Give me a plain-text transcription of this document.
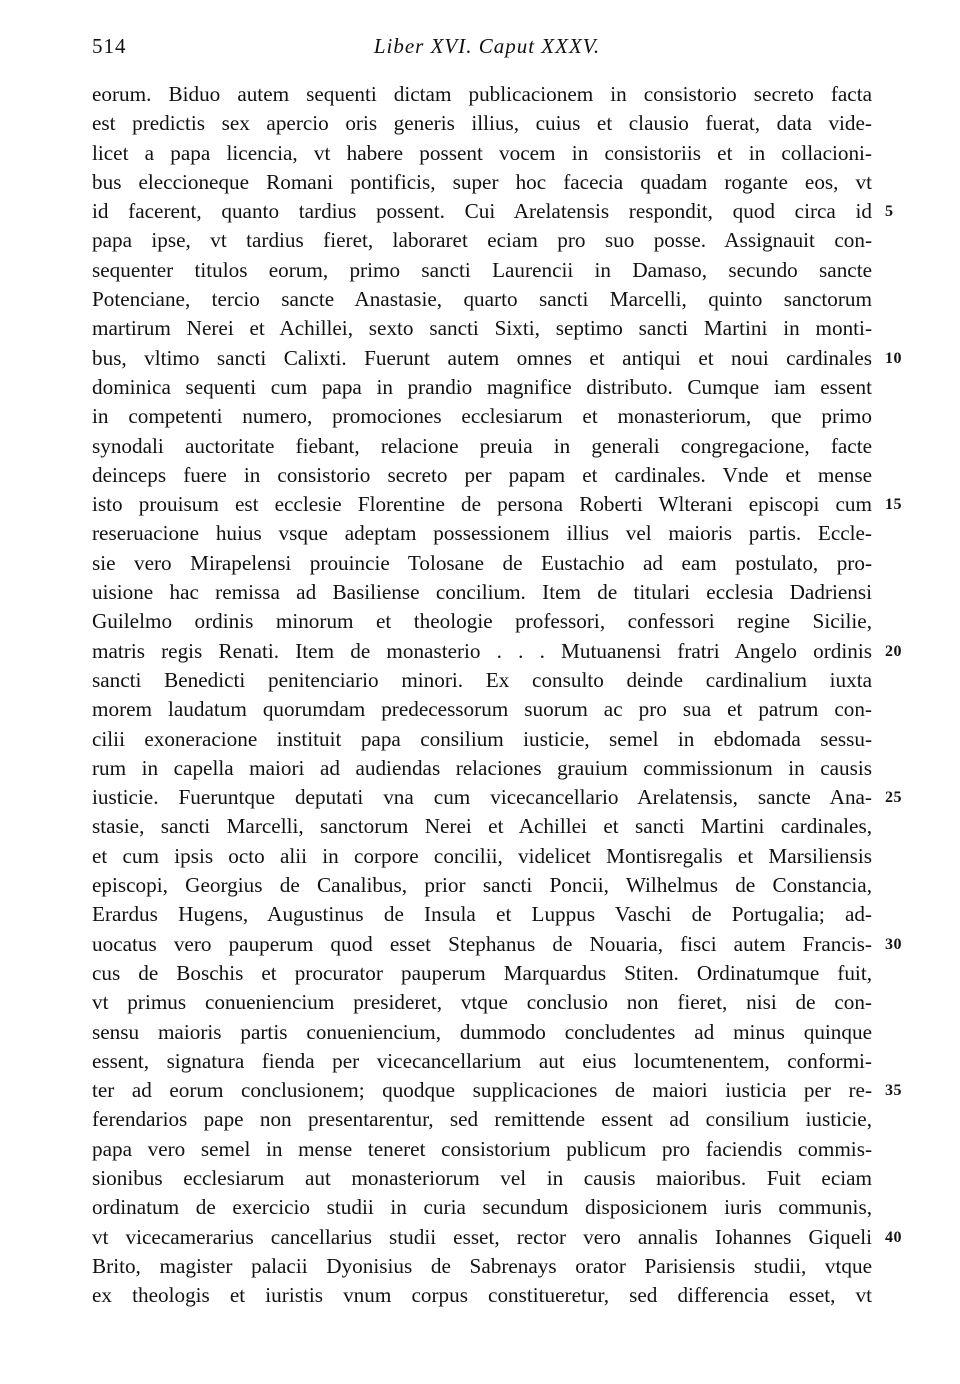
514	Liber XVI. Caput XXXV.
eorum. Biduo autem sequenti dictam publicacionem in consistorio secreto facta
est predictis sex apercio oris generis illius, cuius et clausio fuerat, data vide-
licet a papa licencia, vt habere possent vocem in consistoriis et in collacioni-
bus eleccioneque Romani pontificis, super hoc facecia quadam rogante eos, vt
id facerent, quanto tardius possent. Cui Arelatensis respondit, quod circa id
papa ipse, vt tardius fieret, laboraret eciam pro suo posse. Assignauit con-
sequenter titulos eorum, primo sancti Laurencii in Damaso, secundo sancte
Potenciane, tercio sancte Anastasie, quarto sancti Marcelli, quinto sanctorum
martirum Nerei et Achillei, sexto sancti Sixti, septimo sancti Martini in monti-
bus, vltimo sancti Calixti. Fuerunt autem omnes et antiqui et noui cardinales
dominica sequenti cum papa in prandio magnifice distributo. Cumque iam essent
in competenti numero, promociones ecclesiarum et monasteriorum, que primo
synodali auctoritate fiebant, relacione preuia in generali congregacione, facte
deinceps fuere in consistorio secreto per papam et cardinales. Vnde et mense
isto prouisum est ecclesie Florentine de persona Roberti Wlterani episcopi cum
reseruacione huius vsque adeptam possessionem illius vel maioris partis. Eccle-
sie vero Mirapelensi prouincie Tolosane de Eustachio ad eam postulato, pro-
uisione hac remissa ad Basiliense concilium. Item de titulari ecclesia Dadriensi
Guilelmo ordinis minorum et theologie professori, confessori regine Sicilie,
matris regis Renati. Item de monasterio . . . Mutuanensi fratri Angelo ordinis
sancti Benedicti penitenciario minori. Ex consulto deinde cardinalium iuxta
morem laudatum quorumdam predecessorum suorum ac pro sua et patrum con-
cilii exoneracione instituit papa consilium iusticie, semel in ebdomada sessu-
rum in capella maiori ad audiendas relaciones grauium commissionum in causis
iusticie. Fueruntque deputati vna cum vicecancellario Arelatensis, sancte Ana-
stasie, sancti Marcelli, sanctorum Nerei et Achillei et sancti Martini cardinales,
et cum ipsis octo alii in corpore concilii, videlicet Montisregalis et Marsiliensis
episcopi, Georgius de Canalibus, prior sancti Poncii, Wilhelmus de Constancia,
Erardus Hugens, Augustinus de Insula et Luppus Vaschi de Portugalia; ad-
uocatus vero pauperum quod esset Stephanus de Nouaria, fisci autem Francis-
cus de Boschis et procurator pauperum Marquardus Stiten. Ordinatumque fuit,
vt primus conueniencium presideret, vtque conclusio non fieret, nisi de con-
sensu maioris partis conueniencium, dummodo concludentes ad minus quinque
essent, signatura fienda per vicecancellarium aut eius locumtenentem, conformi-
ter ad eorum conclusionem; quodque supplicaciones de maiori iusticia per re-
ferendarios pape non presentarentur, sed remittende essent ad consilium iusticie,
papa vero semel in mense teneret consistorium publicum pro faciendis commis-
sionibus ecclesiarum aut monasteriorum vel in causis maioribus. Fuit eciam
ordinatum de exercicio studii in curia secundum disposicionem iuris communis,
vt vicecamerarius cancellarius studii esset, rector vero annalis Iohannes Giqueli
Brito, magister palacii Dyonisius de Sabrenays orator Parisiensis studii, vtque
ex theologis et iuristis vnum corpus constitueretur, sed differencia esset, vt
5
10
15
20
25
30
35
40
